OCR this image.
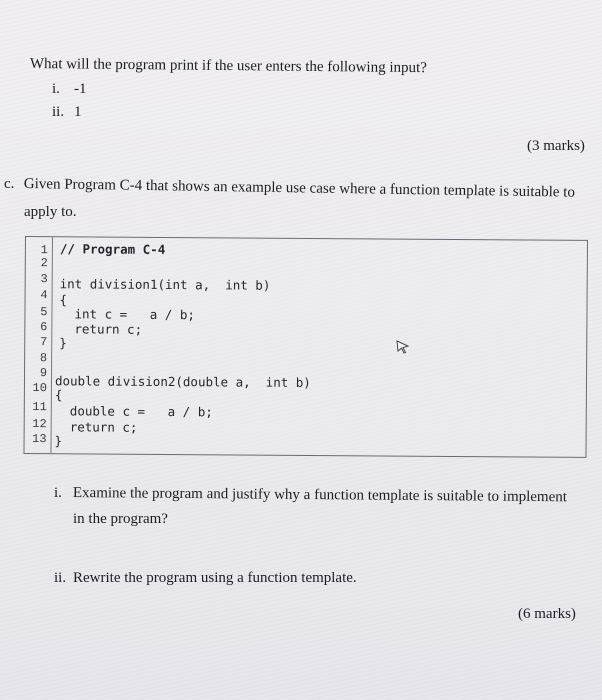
What will the program print if the user enters the following input?
i. -1
ii. 1
(3 marks)
c. Given Program C-4 that shows an example use case where a function template is suitable to
apply to.
1
2
3
4
5
6
7
8
9
10
11
12
13
// Program C-4
int division1(int a,  int b)
{
int c =   a / b;
return c;
}
double division2(double a,  int b)
{
double c =   a / b;
return c;
}
i. Examine the program and justify why a function template is suitable to implement
in the program?
ii. Rewrite the program using a function template.
(6 marks)
